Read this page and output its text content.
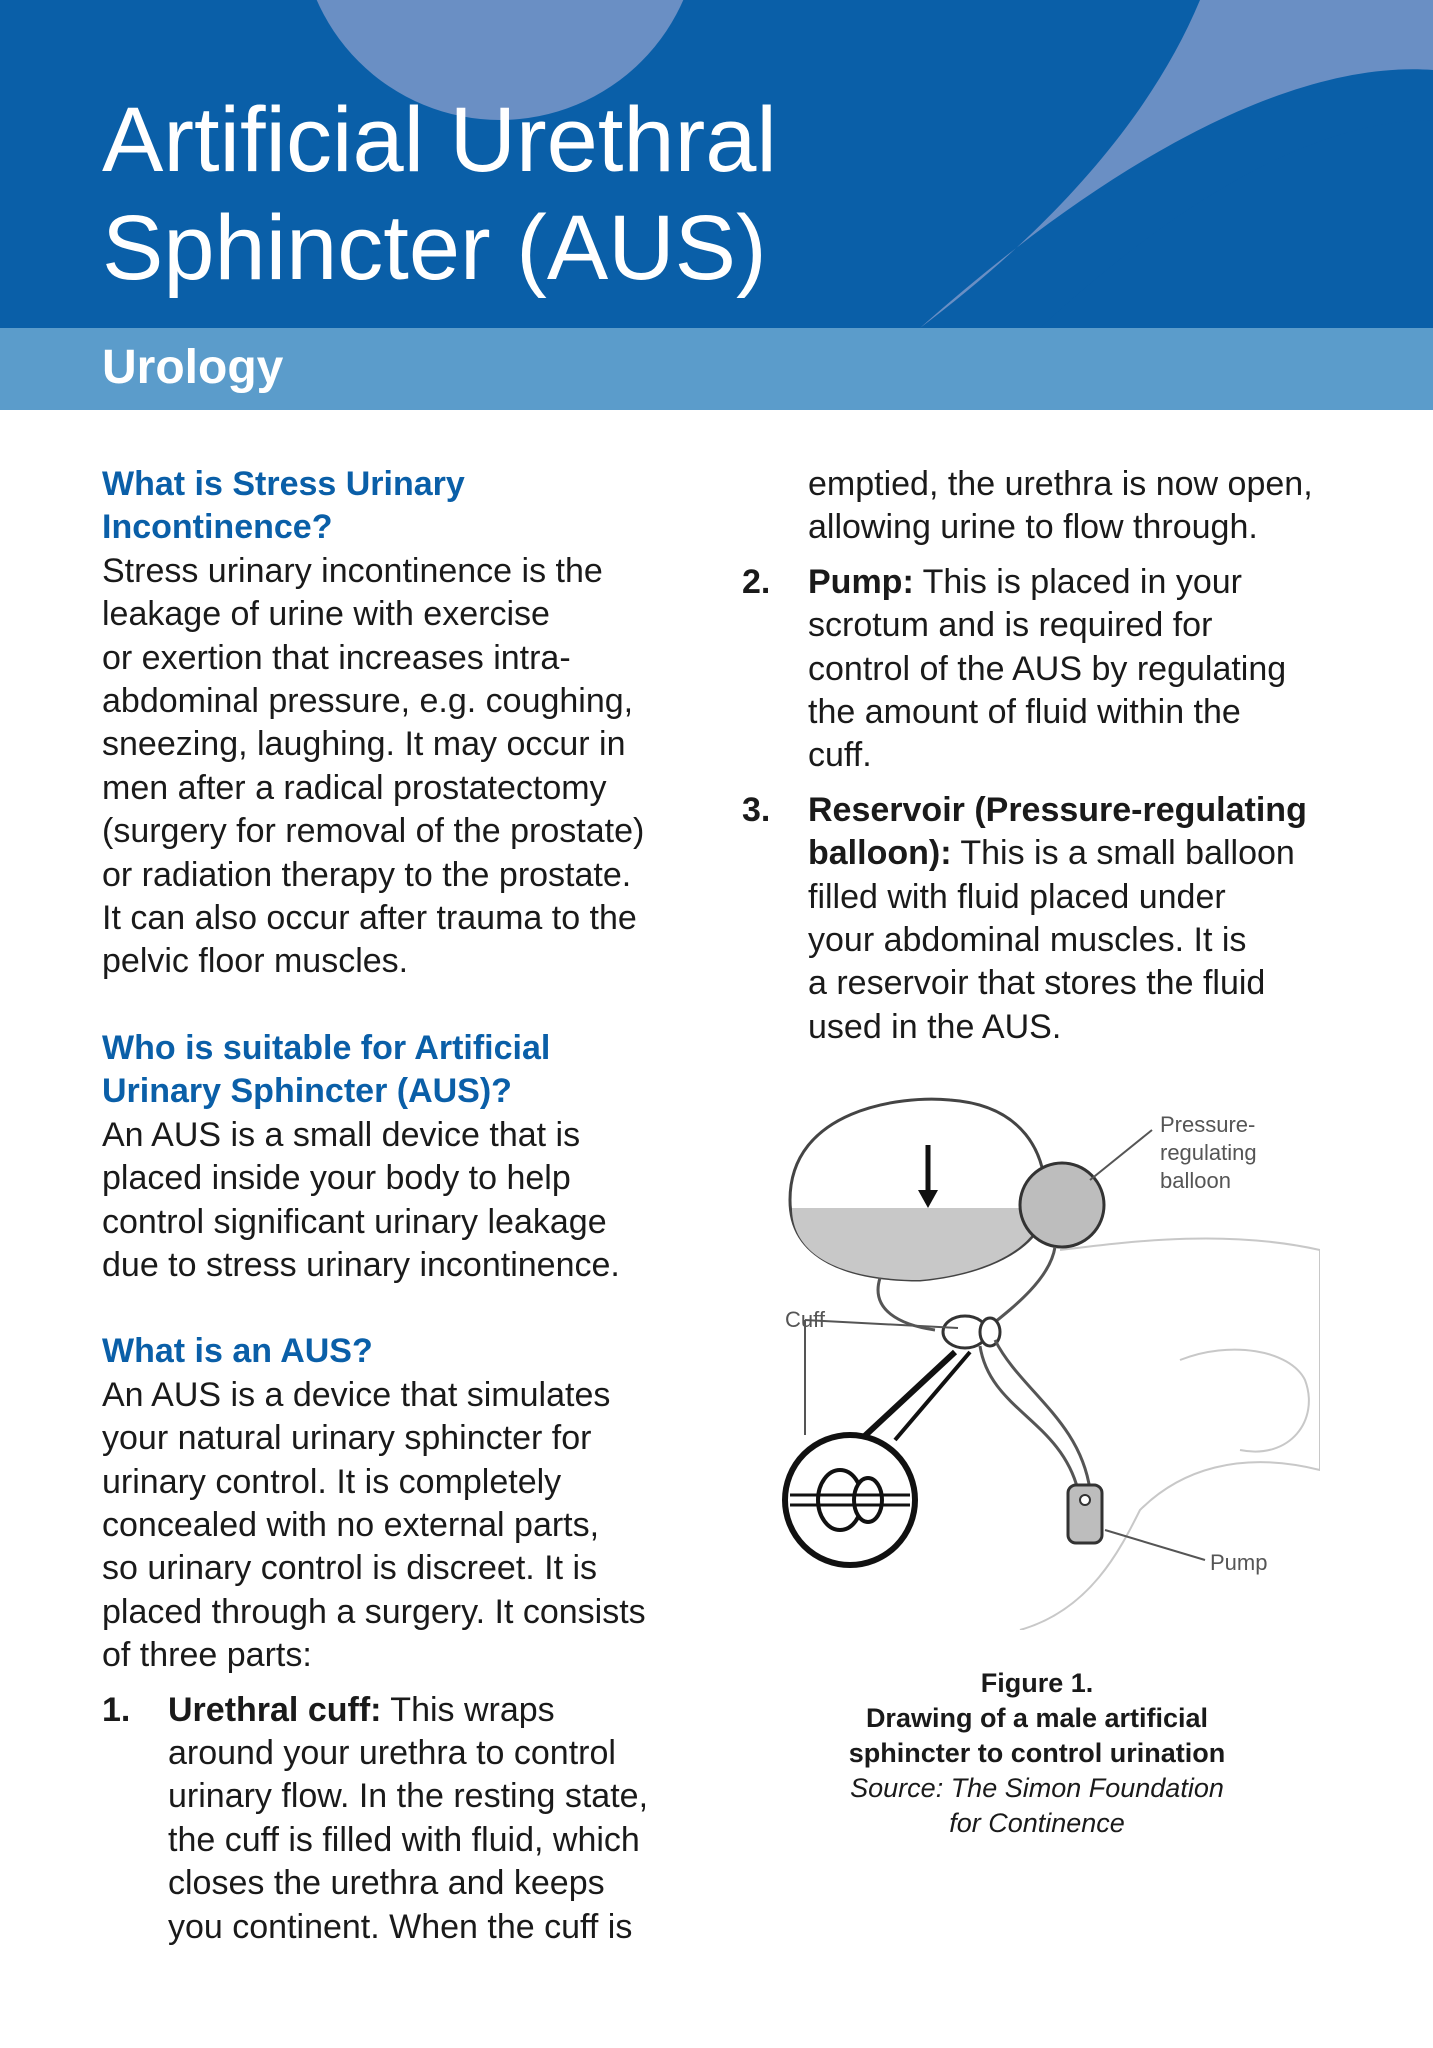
Artificial Urethral
Sphincter (AUS)
Urology

What is Stress Urinary
Incontinence?

Stress urinary incontinence is the
leakage of urine with exercise
or exertion that increases intra-
abdominal pressure, e.g. coughing,
sneezing, laughing. It may occur in
men after a radical prostatectomy
(surgery for removal of the prostate)
or radiation therapy to the prostate.
It can also occur after trauma to the
pelvic floor muscles.

Who is suitable for Artificial
Urinary Sphincter (AUS)?

An AUS is a small device that is
placed inside your body to help
control significant urinary leakage
due to stress urinary incontinence.

What is an AUS?

An AUS is a device that simulates
your natural urinary sphincter for
urinary control. It is completely
concealed with no external parts,
so urinary control is discreet. It is
placed through a surgery. It consists
of three parts:

1. Urethral cuff: This wraps
around your urethra to control
urinary flow. In the resting state,
the cuff is filled with fluid, which
closes the urethra and keeps
you continent. When the cuff is

emptied, the urethra is now open,
allowing urine to flow through.

2. Pump: This is placed in your
scrotum and is required for
control of the AUS by regulating
the amount of fluid within the
cuff.

3. Reservoir (Pressure-regulating
balloon): This is a small balloon
filled with fluid placed under
your abdominal muscles. It is
a reservoir that stores the fluid
used in the AUS.

Pressure-
regulating
balloon
Cuff
Pump
Figure 1.
Drawing of a male artificial
sphincter to control urination
Source: The Simon Foundation
for Continence
